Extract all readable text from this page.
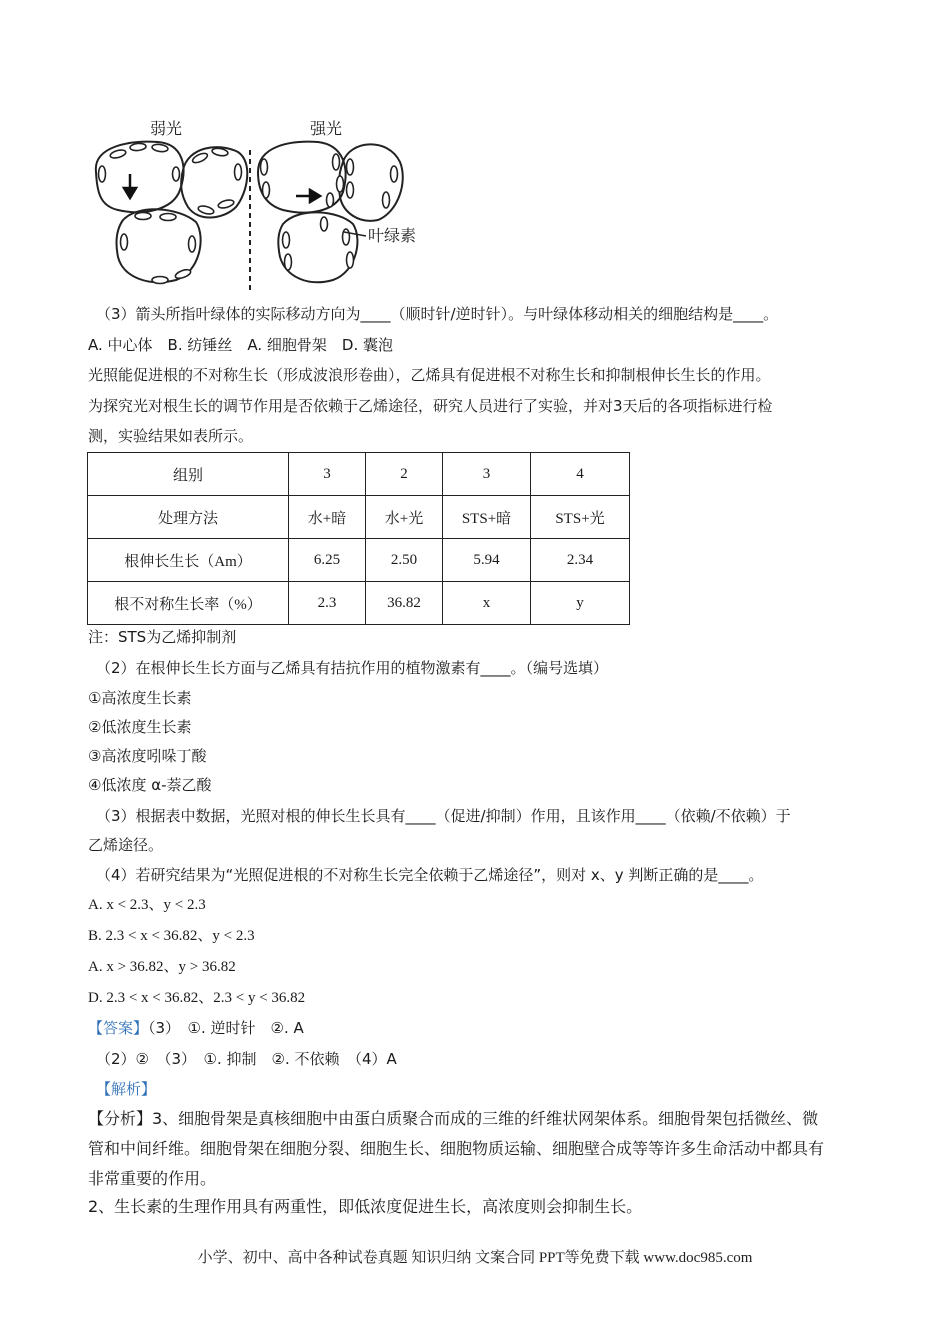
弱光	强光
叶绿素
（3）箭头所指叶绿体的实际移动方向为____（顺时针/逆时针）。与叶绿体移动相关的细胞结构是____。
A. 中心体　B. 纺锤丝　A. 细胞骨架　D. 囊泡
光照能促进根的不对称生长（形成波浪形卷曲），乙烯具有促进根不对称生长和抑制根伸长生长的作用。
为探究光对根生长的调节作用是否依赖于乙烯途径，研究人员进行了实验，并对3天后的各项指标进行检
测，实验结果如表所示。
组别	3	2	3	4
处理方法	水+暗	水+光	STS+暗	STS+光
根伸长生长（Am）	6.25	2.50	5.94	2.34
根不对称生长率（%）	2.3	36.82	x	y
注：STS为乙烯抑制剂
（2）在根伸长生长方面与乙烯具有拮抗作用的植物激素有____。（编号选填）
①高浓度生长素
②低浓度生长素
③高浓度吲哚丁酸
④低浓度 α-萘乙酸
（3）根据表中数据，光照对根的伸长生长具有____（促进/抑制）作用，且该作用____（依赖/不依赖）于
乙烯途径。
（4）若研究结果为“光照促进根的不对称生长完全依赖于乙烯途径”，则对 x、y 判断正确的是____。
A. x < 2.3、y < 2.3
B. 2.3 < x < 36.82、y < 2.3
A. x > 36.82、y > 36.82
D. 2.3 < x < 36.82、2.3 < y < 36.82
【答案】（3）　①. 逆时针　②. A
（2）②　（3）　①. 抑制　②. 不依赖　（4）A
【解析】
【分析】3、细胞骨架是真核细胞中由蛋白质聚合而成的三维的纤维状网架体系。细胞骨架包括微丝、微
管和中间纤维。细胞骨架在细胞分裂、细胞生长、细胞物质运输、细胞壁合成等等许多生命活动中都具有
非常重要的作用。
2、生长素的生理作用具有两重性，即低浓度促进生长，高浓度则会抑制生长。
小学、初中、高中各种试卷真题 知识归纳 文案合同 PPT等免费下载 www.doc985.com
